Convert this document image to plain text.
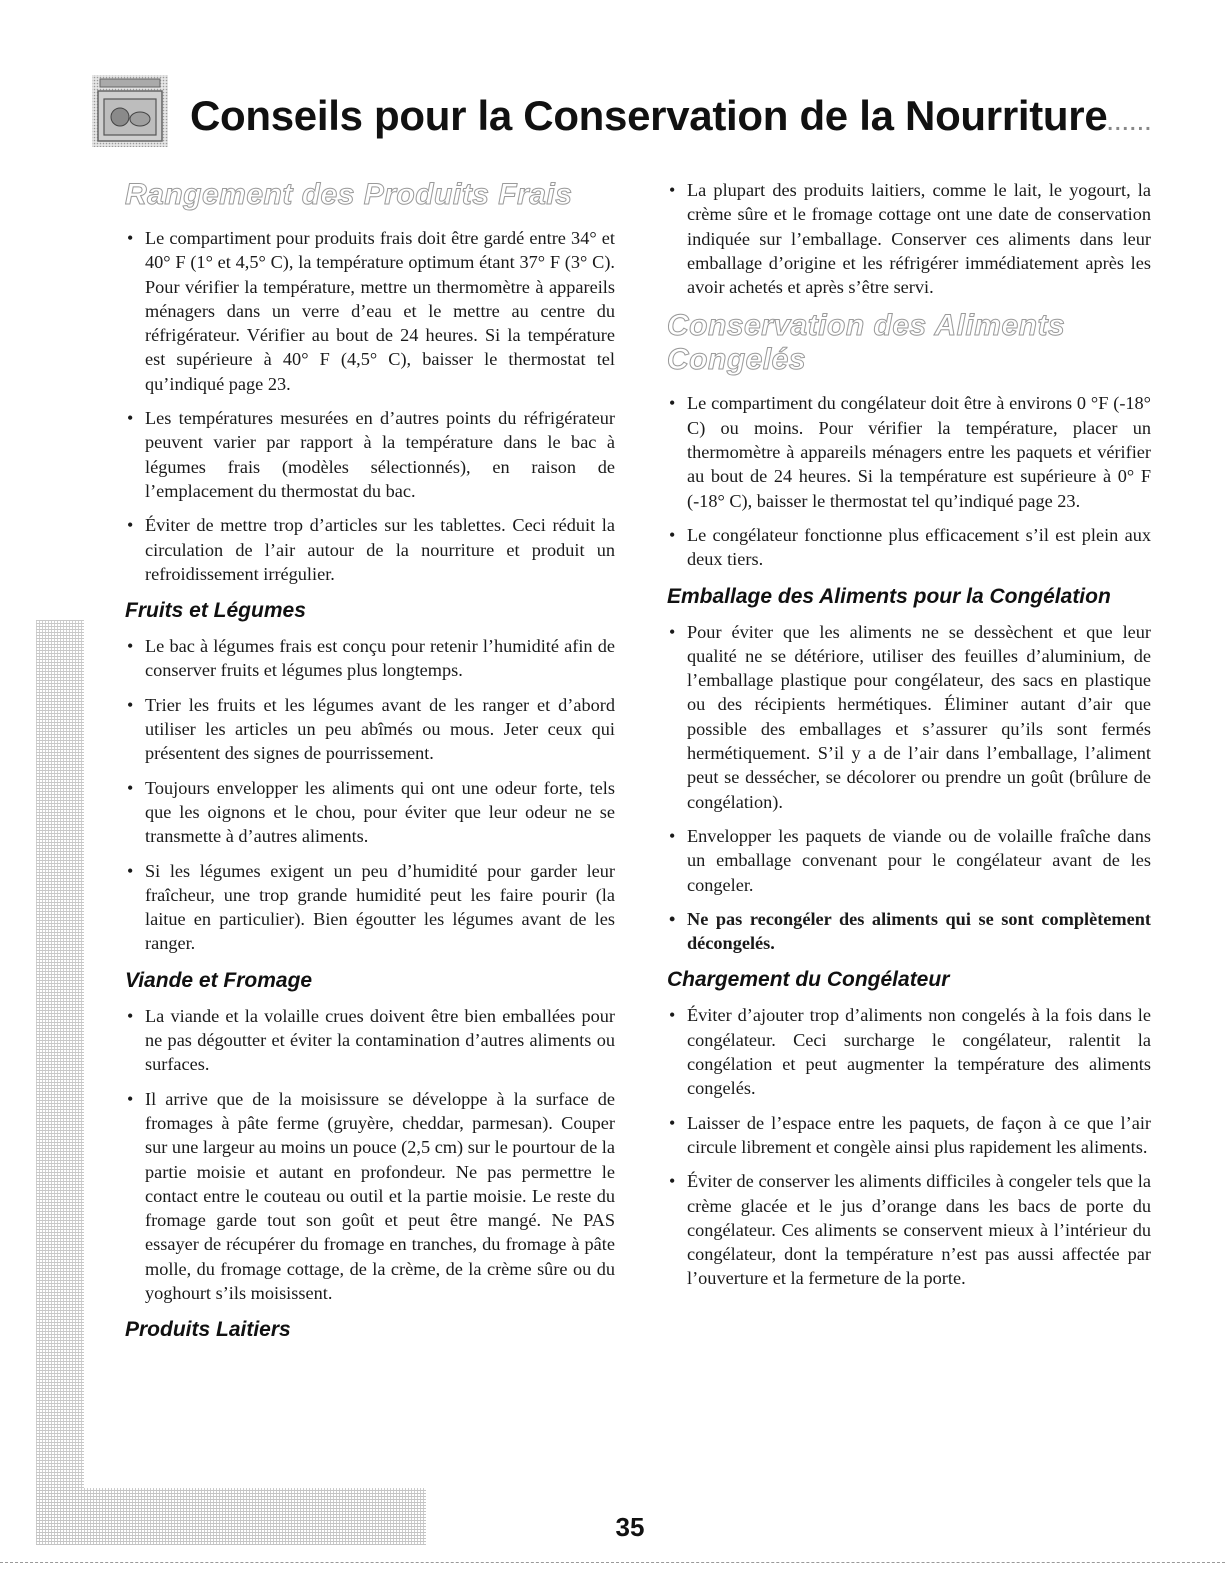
Conseils pour la Conservation de la Nourriture......
Rangement des Produits Frais
• Le compartiment pour produits frais doit être gardé entre 34° et 40° F (1° et 4,5° C), la température optimum étant 37° F (3° C). Pour vérifier la température, mettre un thermomètre à appareils ménagers dans un verre d’eau et le mettre au centre du réfrigérateur. Vérifier au bout de 24 heures. Si la température est supérieure à 40° F (4,5° C), baisser le thermostat tel qu’indiqué page 23.
• Les températures mesurées en d’autres points du réfrigérateur peuvent varier par rapport à la température dans le bac à légumes frais (modèles sélectionnés), en raison de l’emplacement du thermostat du bac.
• Éviter de mettre trop d’articles sur les tablettes. Ceci réduit la circulation de l’air autour de la nourriture et produit un refroidissement irrégulier.
Fruits et Légumes
• Le bac à légumes frais est conçu pour retenir l’humidité afin de conserver fruits et légumes plus longtemps.
• Trier les fruits et les légumes avant de les ranger et d’abord utiliser les articles un peu abîmés ou mous. Jeter ceux qui présentent des signes de pourrissement.
• Toujours envelopper les aliments qui ont une odeur forte, tels que les oignons et le chou, pour éviter que leur odeur ne se transmette à d’autres aliments.
• Si les légumes exigent un peu d’humidité pour garder leur fraîcheur, une trop grande humidité peut les faire pourir (la laitue en particulier). Bien égoutter les légumes avant de les ranger.
Viande et Fromage
• La viande et la volaille crues doivent être bien emballées pour ne pas dégoutter et éviter la contamination d’autres aliments ou surfaces.
• Il arrive que de la moisissure se développe à la surface de fromages à pâte ferme (gruyère, cheddar, parmesan). Couper sur une largeur au moins un pouce (2,5 cm) sur le pourtour de la partie moisie et autant en profondeur. Ne pas permettre le contact entre le couteau ou outil et la partie moisie. Le reste du fromage garde tout son goût et peut être mangé. Ne PAS essayer de récupérer du fromage en tranches, du fromage à pâte molle, du fromage cottage, de la crème, de la crème sûre ou du yoghourt s’ils moisissent.
Produits Laitiers
• La plupart des produits laitiers, comme le lait, le yogourt, la crème sûre et le fromage cottage ont une date de conservation indiquée sur l’emballage. Conserver ces aliments dans leur emballage d’origine et les réfrigérer immédiatement après les avoir achetés et après s’être servi.
Conservation des Aliments Congelés
• Le compartiment du congélateur doit être à environs 0 °F (-18° C) ou moins. Pour vérifier la température, placer un thermomètre à appareils ménagers entre les paquets et vérifier au bout de 24 heures. Si la température est supérieure à 0° F (-18° C), baisser le thermostat tel qu’indiqué page 23.
• Le congélateur fonctionne plus efficacement s’il est plein aux deux tiers.
Emballage des Aliments pour la Congélation
• Pour éviter que les aliments ne se dessèchent et que leur qualité ne se détériore, utiliser des feuilles d’aluminium, de l’emballage plastique pour congélateur, des sacs en plastique ou des récipients hermétiques. Éliminer autant d’air que possible des emballages et s’assurer qu’ils sont fermés hermétiquement. S’il y a de l’air dans l’emballage, l’aliment peut se dessécher, se décolorer ou prendre un goût (brûlure de congélation).
• Envelopper les paquets de viande ou de volaille fraîche dans un emballage convenant pour le congélateur avant de les congeler.
• Ne pas recongéler des aliments qui se sont complètement décongelés.
Chargement du Congélateur
• Éviter d’ajouter trop d’aliments non congelés à la fois dans le congélateur. Ceci surcharge le congélateur, ralentit la congélation et peut augmenter la température des aliments congelés.
• Laisser de l’espace entre les paquets, de façon à ce que l’air circule librement et congèle ainsi plus rapidement les aliments.
• Éviter de conserver les aliments difficiles à congeler tels que la crème glacée et le jus d’orange dans les bacs de porte du congélateur. Ces aliments se conservent mieux à l’intérieur du congélateur, dont la température n’est pas aussi affectée par l’ouverture et la fermeture de la porte.
35
